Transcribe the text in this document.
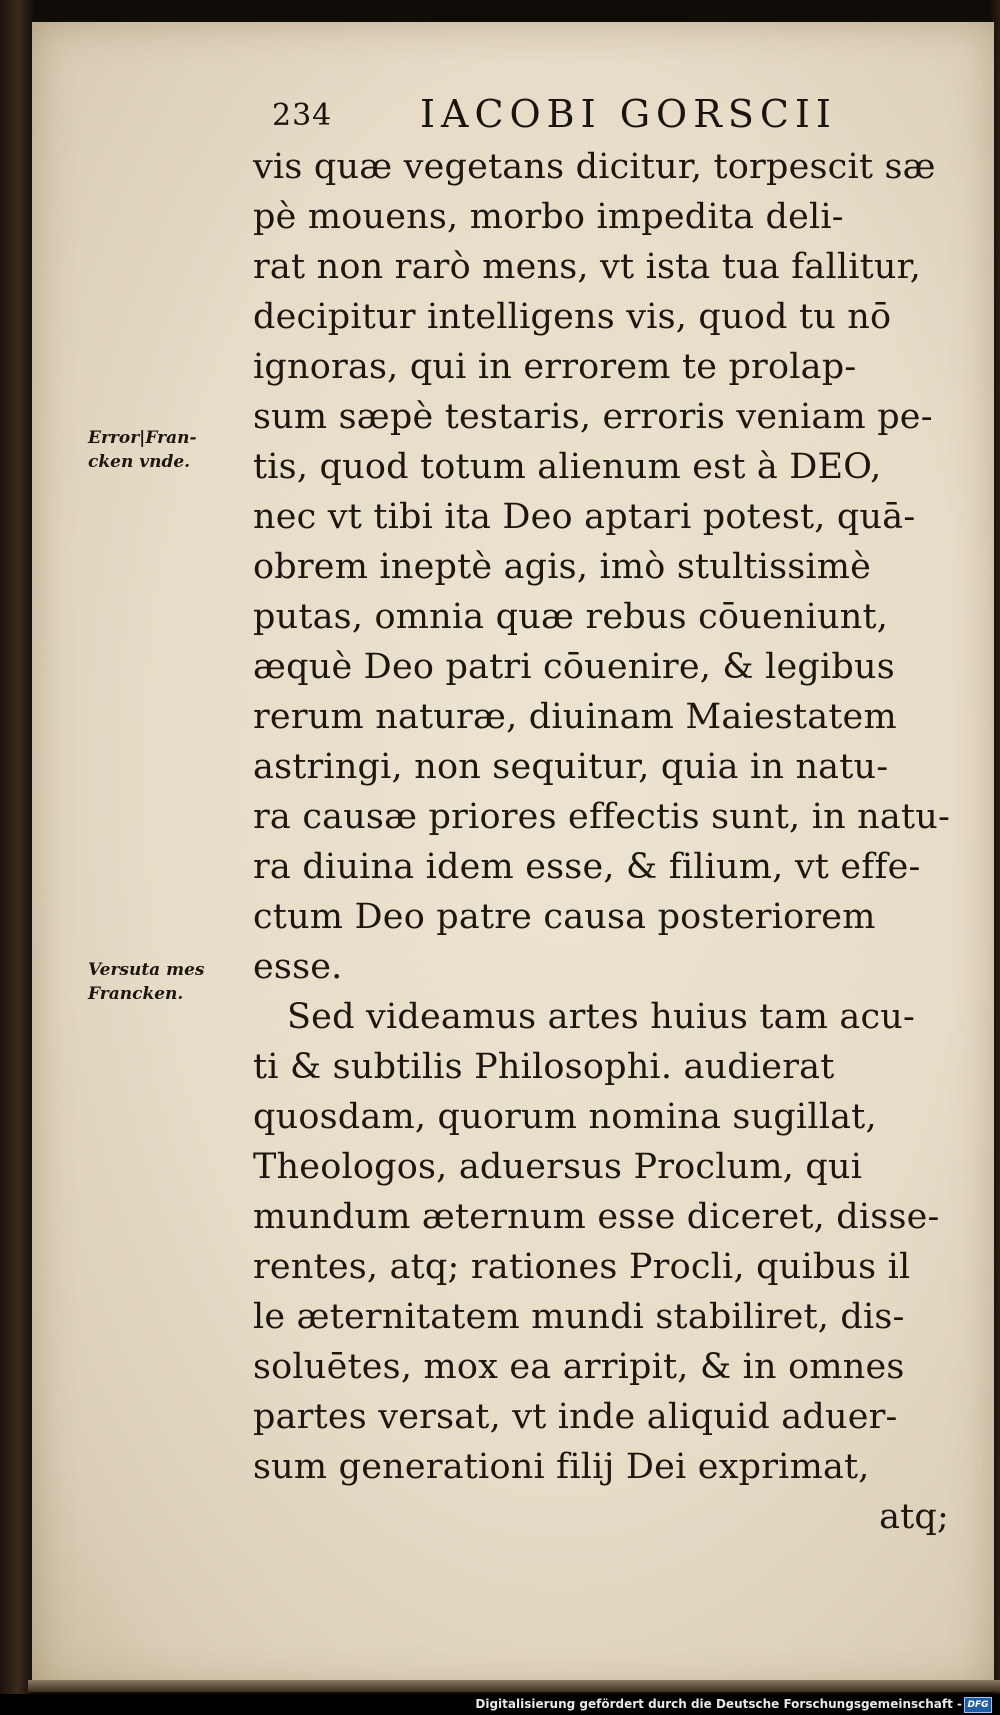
234 IACOBI GORSCII
Error|Fran-
cken vnde.
Versuta mes
Francken.
vis quæ vegetans dicitur, torpescit sæ
pè mouens, morbo impedita deli-
rat non rarò mens, vt ista tua fallitur,
decipitur intelligens vis, quod tu nō
ignoras, qui in errorem te prolap-
sum sæpè testaris, erroris veniam pe-
tis, quod totum alienum est à DEO,
nec vt tibi ita Deo aptari potest, quā-
obrem ineptè agis, imò stultissimè
putas, omnia quæ rebus cōueniunt,
æquè Deo patri cōuenire, & legibus
rerum naturæ, diuinam Maiestatem
astringi, non sequitur, quia in natu-
ra causæ priores effectis sunt, in natu-
ra diuina idem esse, & filium, vt effe-
ctum Deo patre causa posteriorem
esse.
Sed videamus artes huius tam acu-
ti & subtilis Philosophi. audierat
quosdam, quorum nomina sugillat,
Theologos, aduersus Proclum, qui
mundum æternum esse diceret, disse-
rentes, atq; rationes Procli, quibus il
le æternitatem mundi stabiliret, dis-
soluētes, mox ea arripit, & in omnes
partes versat, vt inde aliquid aduer-
sum generationi filij Dei exprimat,
atq;
Digitalisierung gefördert durch die Deutsche Forschungsgemeinschaft - DFG
